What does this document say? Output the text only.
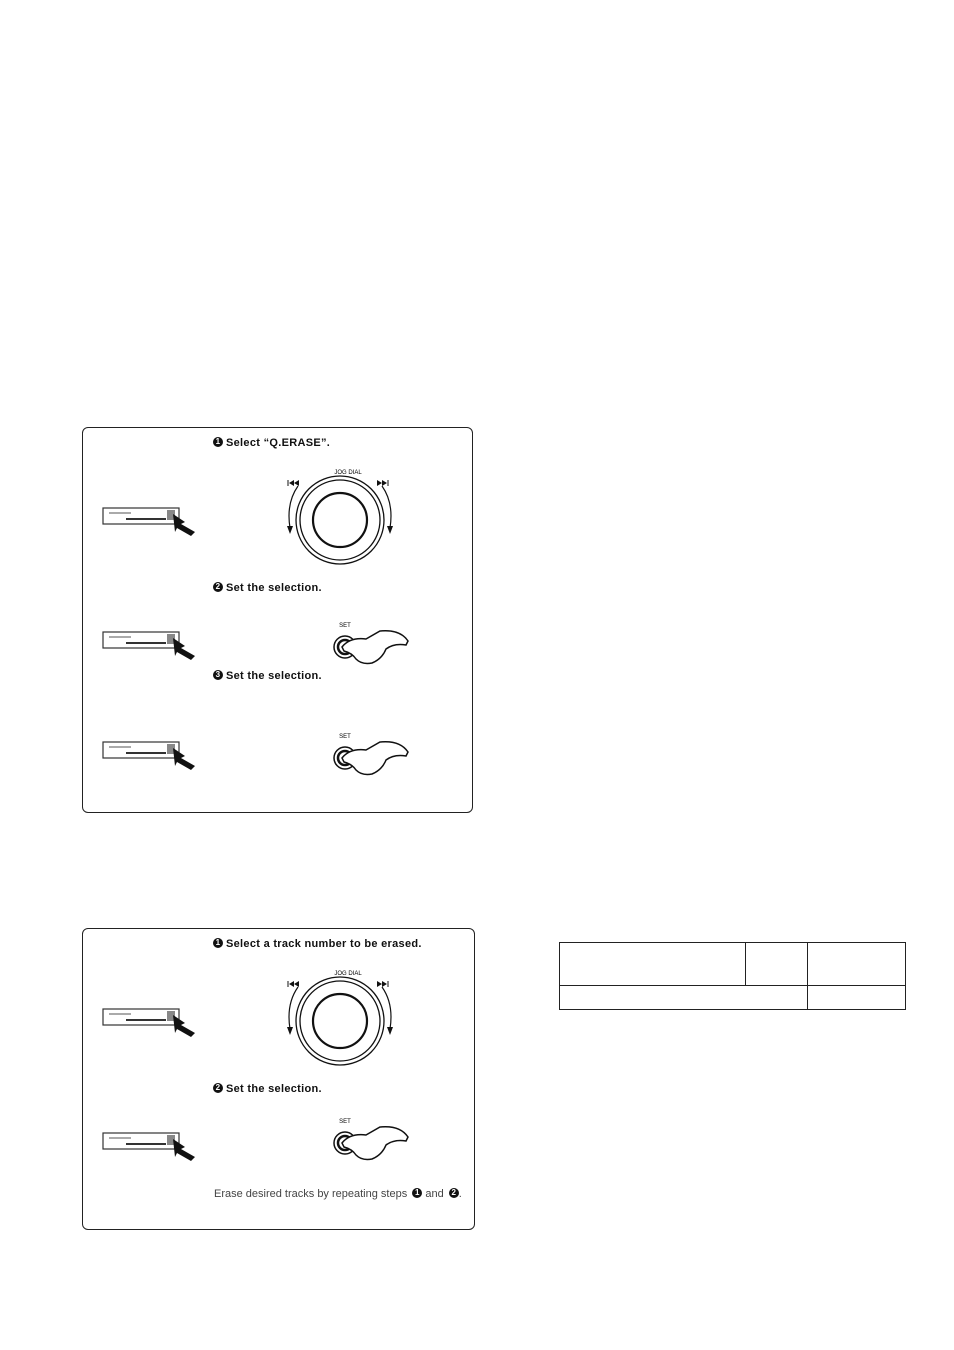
1 Select “Q.ERASE”.
JOG DIAL
2 Set the selection.
SET
3 Set the selection.
SET
1 Select a track number to be erased.
JOG DIAL
2 Set the selection.
SET
Erase desired tracks by repeating steps 1 and 2 .
